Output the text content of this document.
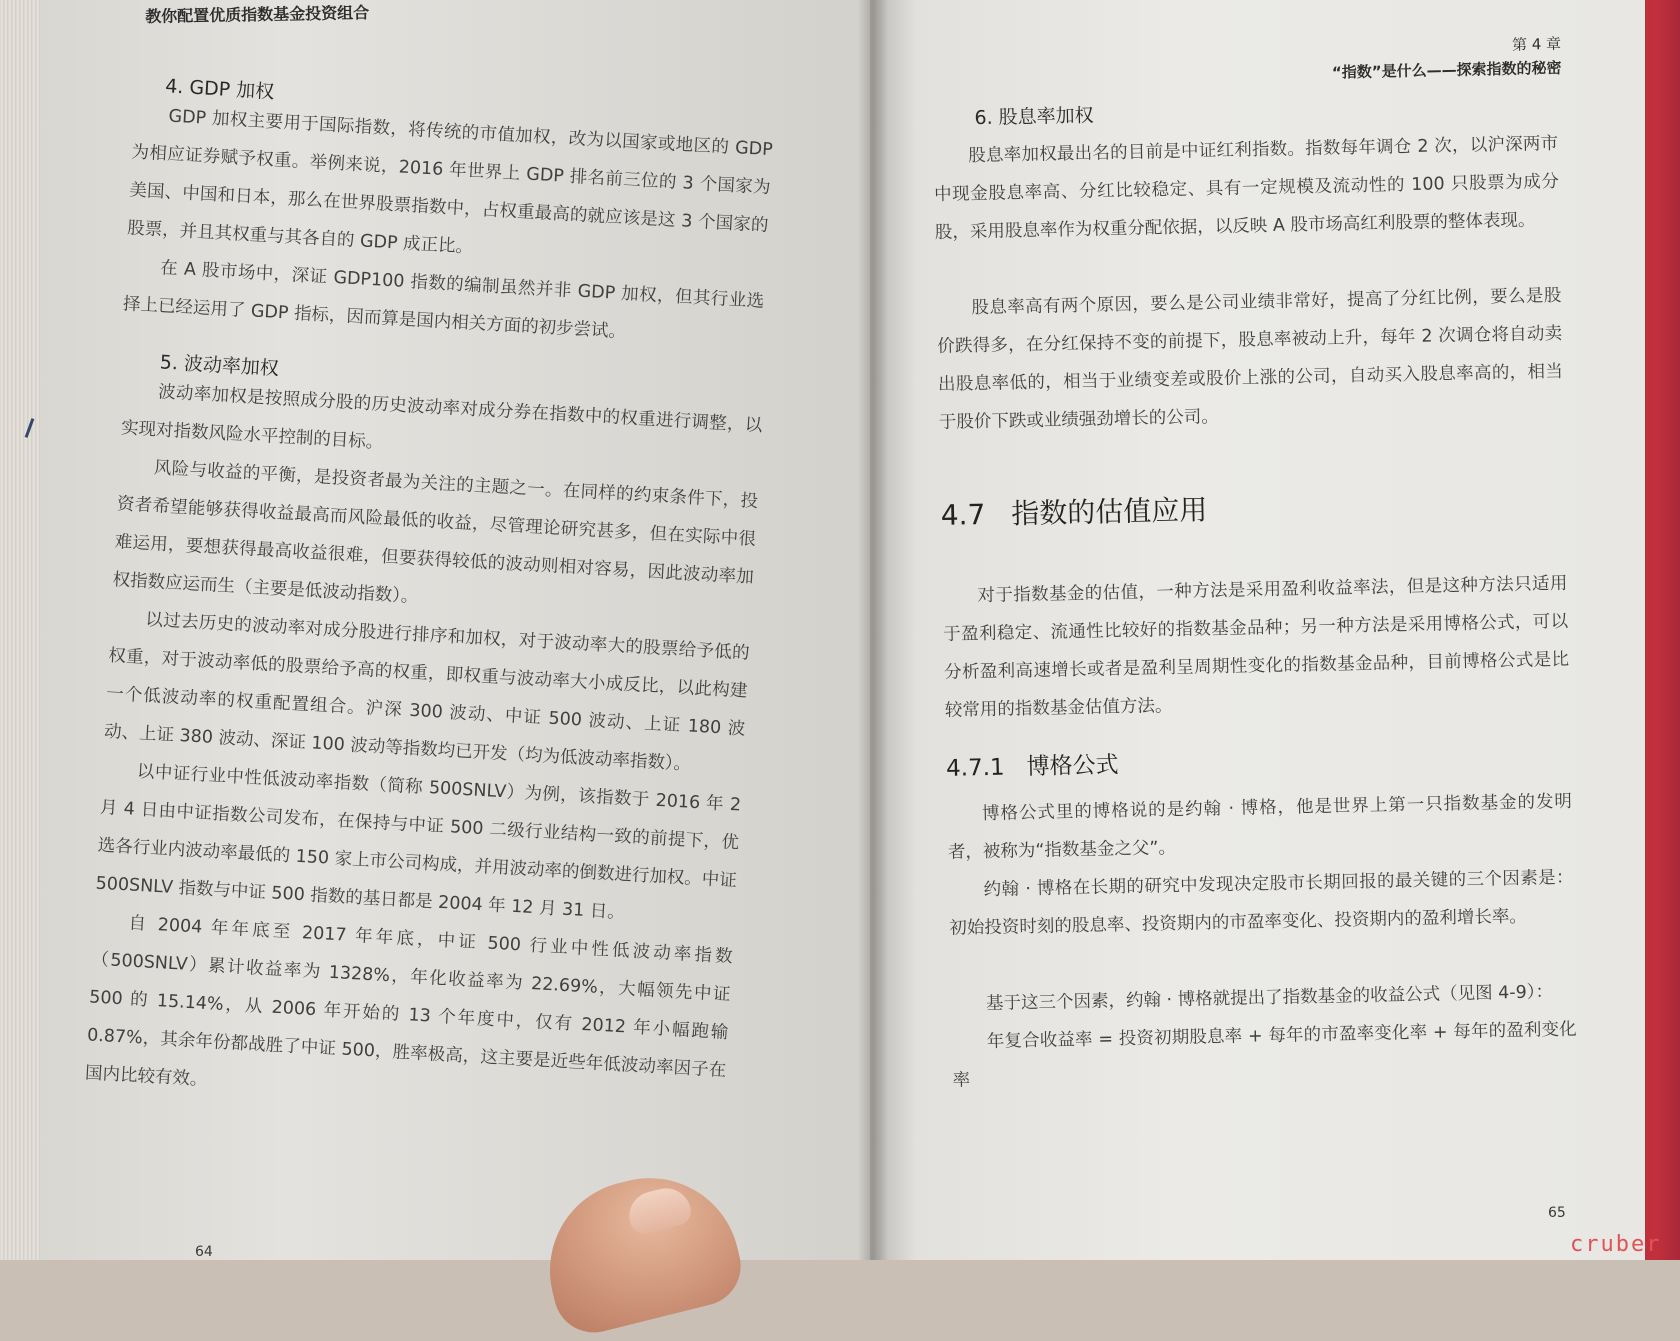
教你配置优质指数基金投资组合
4. GDP 加权

GDP 加权主要用于国际指数，将传统的市值加权，改为以国家或地区的 GDP 为相应证券赋予权重。举例来说，2016 年世界上 GDP 排名前三位的 3 个国家为美国、中国和日本，那么在世界股票指数中，占权重最高的就应该是这 3 个国家的股票，并且其权重与其各自的 GDP 成正比。

在 A 股市场中，深证 GDP100 指数的编制虽然并非 GDP 加权，但其行业选择上已经运用了 GDP 指标，因而算是国内相关方面的初步尝试。

5. 波动率加权

波动率加权是按照成分股的历史波动率对成分券在指数中的权重进行调整，以实现对指数风险水平控制的目标。

风险与收益的平衡，是投资者最为关注的主题之一。在同样的约束条件下，投资者希望能够获得收益最高而风险最低的收益，尽管理论研究甚多，但在实际中很难运用，要想获得最高收益很难，但要获得较低的波动则相对容易，因此波动率加权指数应运而生（主要是低波动指数）。

以过去历史的波动率对成分股进行排序和加权，对于波动率大的股票给予低的权重，对于波动率低的股票给予高的权重，即权重与波动率大小成反比，以此构建一个低波动率的权重配置组合。沪深 300 波动、中证 500 波动、上证 180 波动、上证 380 波动、深证 100 波动等指数均已开发（均为低波动率指数）。

以中证行业中性低波动率指数（简称 500SNLV）为例，该指数于 2016 年 2 月 4 日由中证指数公司发布，在保持与中证 500 二级行业结构一致的前提下，优选各行业内波动率最低的 150 家上市公司构成，并用波动率的倒数进行加权。中证 500SNLV 指数与中证 500 指数的基日都是 2004 年 12 月 31 日。

自 2004 年年底至 2017 年年底，中证 500 行业中性低波动率指数（500SNLV）累计收益率为 1328%，年化收益率为 22.69%，大幅领先中证 500 的 15.14%，从 2006 年开始的 13 个年度中，仅有 2012 年小幅跑输 0.87%，其余年份都战胜了中证 500，胜率极高，这主要是近些年低波动率因子在国内比较有效。

64
第 4 章
“指数”是什么——探索指数的秘密
6. 股息率加权

股息率加权最出名的目前是中证红利指数。指数每年调仓 2 次，以沪深两市中现金股息率高、分红比较稳定、具有一定规模及流动性的 100 只股票为成分股，采用股息率作为权重分配依据，以反映 A 股市场高红利股票的整体表现。

股息率高有两个原因，要么是公司业绩非常好，提高了分红比例，要么是股价跌得多，在分红保持不变的前提下，股息率被动上升，每年 2 次调仓将自动卖出股息率低的，相当于业绩变差或股价上涨的公司，自动买入股息率高的，相当于股价下跌或业绩强劲增长的公司。

4.7 指数的估值应用

对于指数基金的估值，一种方法是采用盈利收益率法，但是这种方法只适用于盈利稳定、流通性比较好的指数基金品种；另一种方法是采用博格公式，可以分析盈利高速增长或者是盈利呈周期性变化的指数基金品种，目前博格公式是比较常用的指数基金估值方法。

4.7.1 博格公式

博格公式里的博格说的是约翰 · 博格，他是世界上第一只指数基金的发明者，被称为“指数基金之父”。

约翰 · 博格在长期的研究中发现决定股市长期回报的最关键的三个因素是：初始投资时刻的股息率、投资期内的市盈率变化、投资期内的盈利增长率。

基于这三个因素，约翰 · 博格就提出了指数基金的收益公式（见图 4-9）：

年复合收益率 = 投资初期股息率 + 每年的市盈率变化率 + 每年的盈利变化率

65
cruber
